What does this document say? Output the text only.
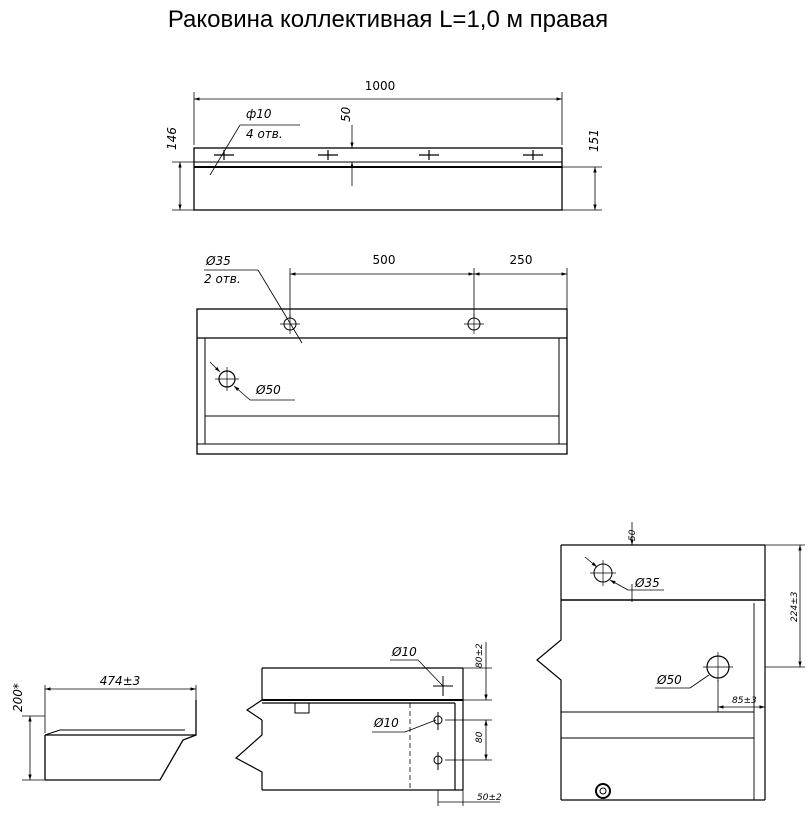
Раковина коллективная L=1,0 м правая
1000
ф10
4 отв.
50
146	151
Ø50
500	250
Ø35
2 отв.
474±3
200*
Ø10
Ø10
80±2
80
50±2
Ø35
Ø50
50
224±3
85±3
